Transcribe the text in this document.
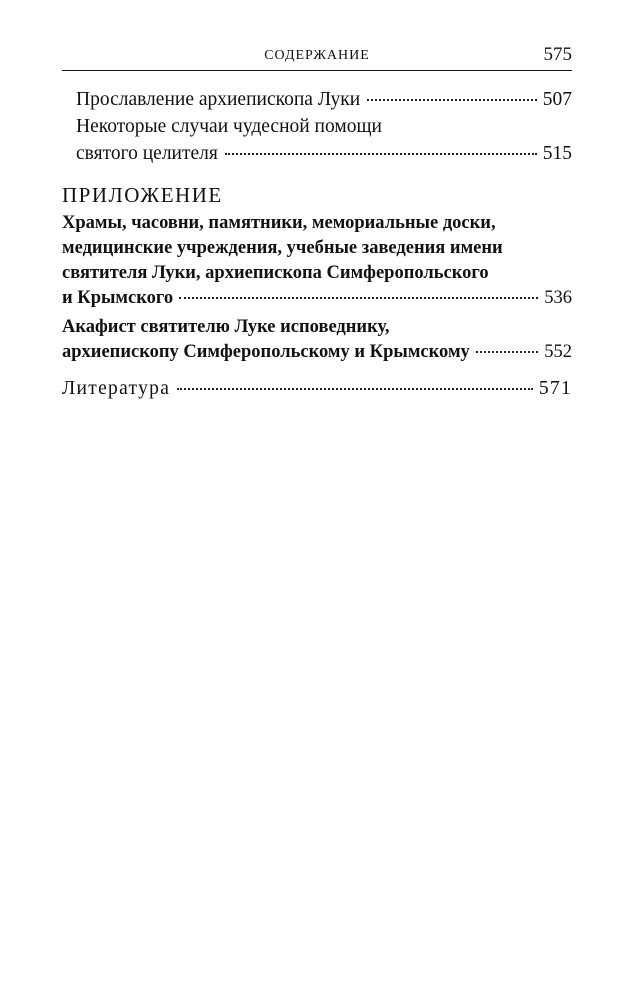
СОДЕРЖАНИЕ	575
Прославление архиепископа Луки	507
Некоторые случаи чудесной помощи
святого целителя	515
ПРИЛОЖЕНИЕ
Храмы, часовни, памятники, мемориальные доски,
медицинские учреждения, учебные заведения имени
святителя Луки, архиепископа Симферопольского
и Крымского	536
Акафист святителю Луке исповеднику,
архиепископу Симферопольскому и Крымскому	552
Литература	571
